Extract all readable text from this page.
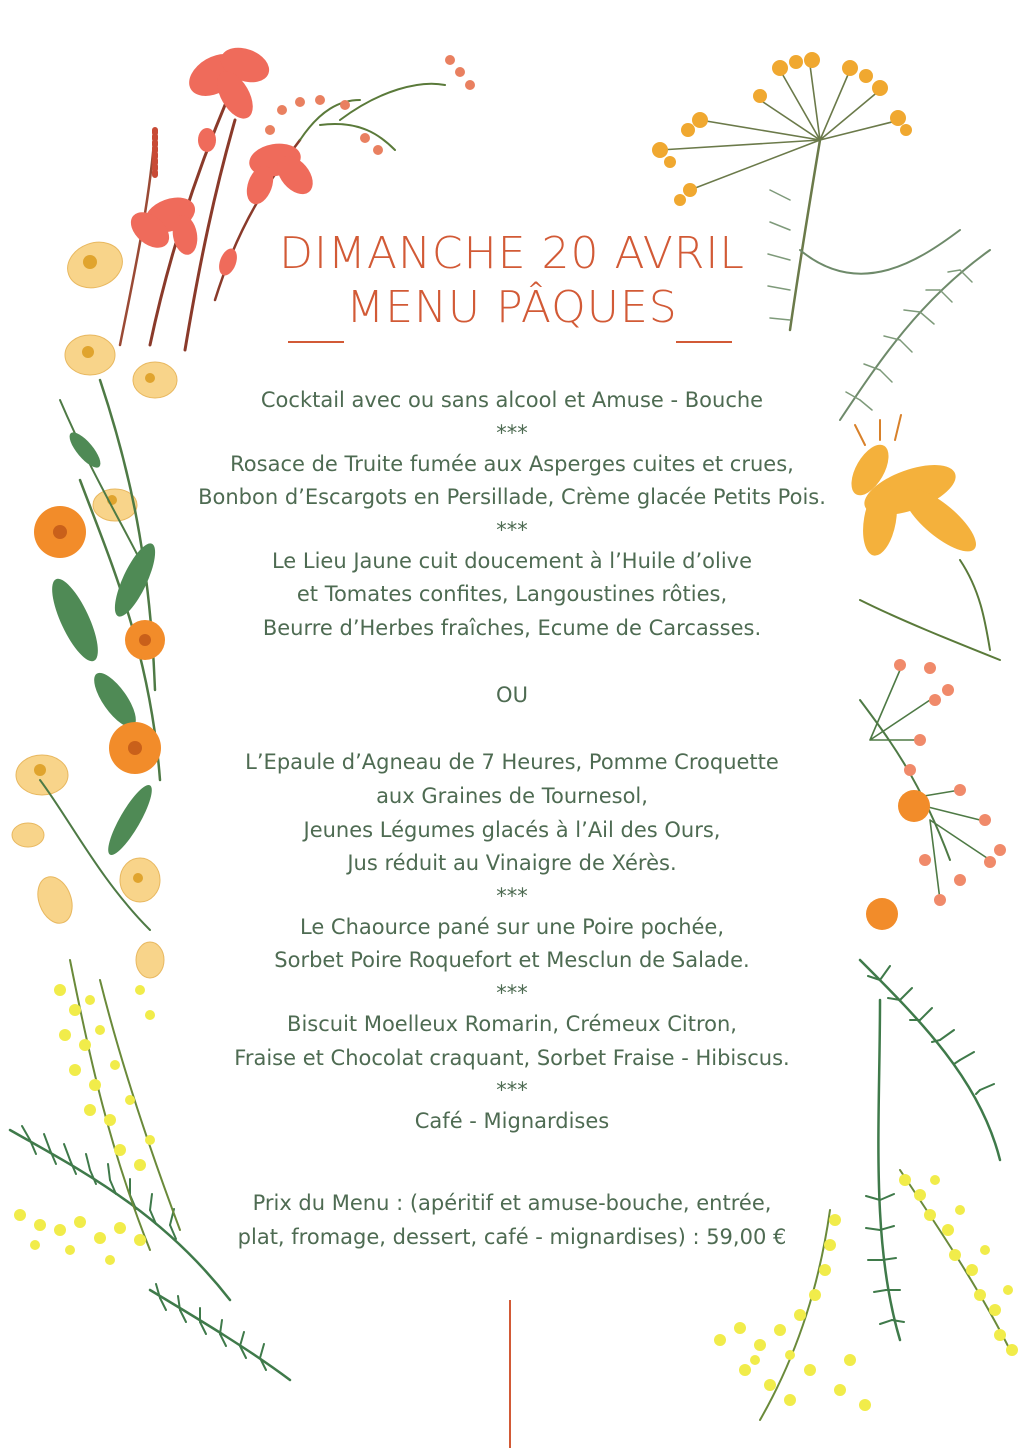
DIMANCHE 20 AVRIL
MENU PÂQUES
Cocktail avec ou sans alcool et Amuse - Bouche
***
Rosace de Truite fumée aux Asperges cuites et crues,
Bonbon d’Escargots en Persillade, Crème glacée Petits Pois.
***
Le Lieu Jaune cuit doucement à l’Huile d’olive
et Tomates confites, Langoustines rôties,
Beurre d’Herbes fraîches, Ecume de Carcasses.
OU
L’Epaule d’Agneau de 7 Heures, Pomme Croquette
aux Graines de Tournesol,
Jeunes Légumes glacés à l’Ail des Ours,
Jus réduit au Vinaigre de Xérès.
***
Le Chaource pané sur une Poire pochée,
Sorbet Poire Roquefort et Mesclun de Salade.
***
Biscuit Moelleux Romarin, Crémeux Citron,
Fraise et Chocolat craquant, Sorbet Fraise - Hibiscus.
***
Café - Mignardises
Prix du Menu : (apéritif et amuse-bouche, entrée,
plat, fromage, dessert, café - mignardises) : 59,00 €
